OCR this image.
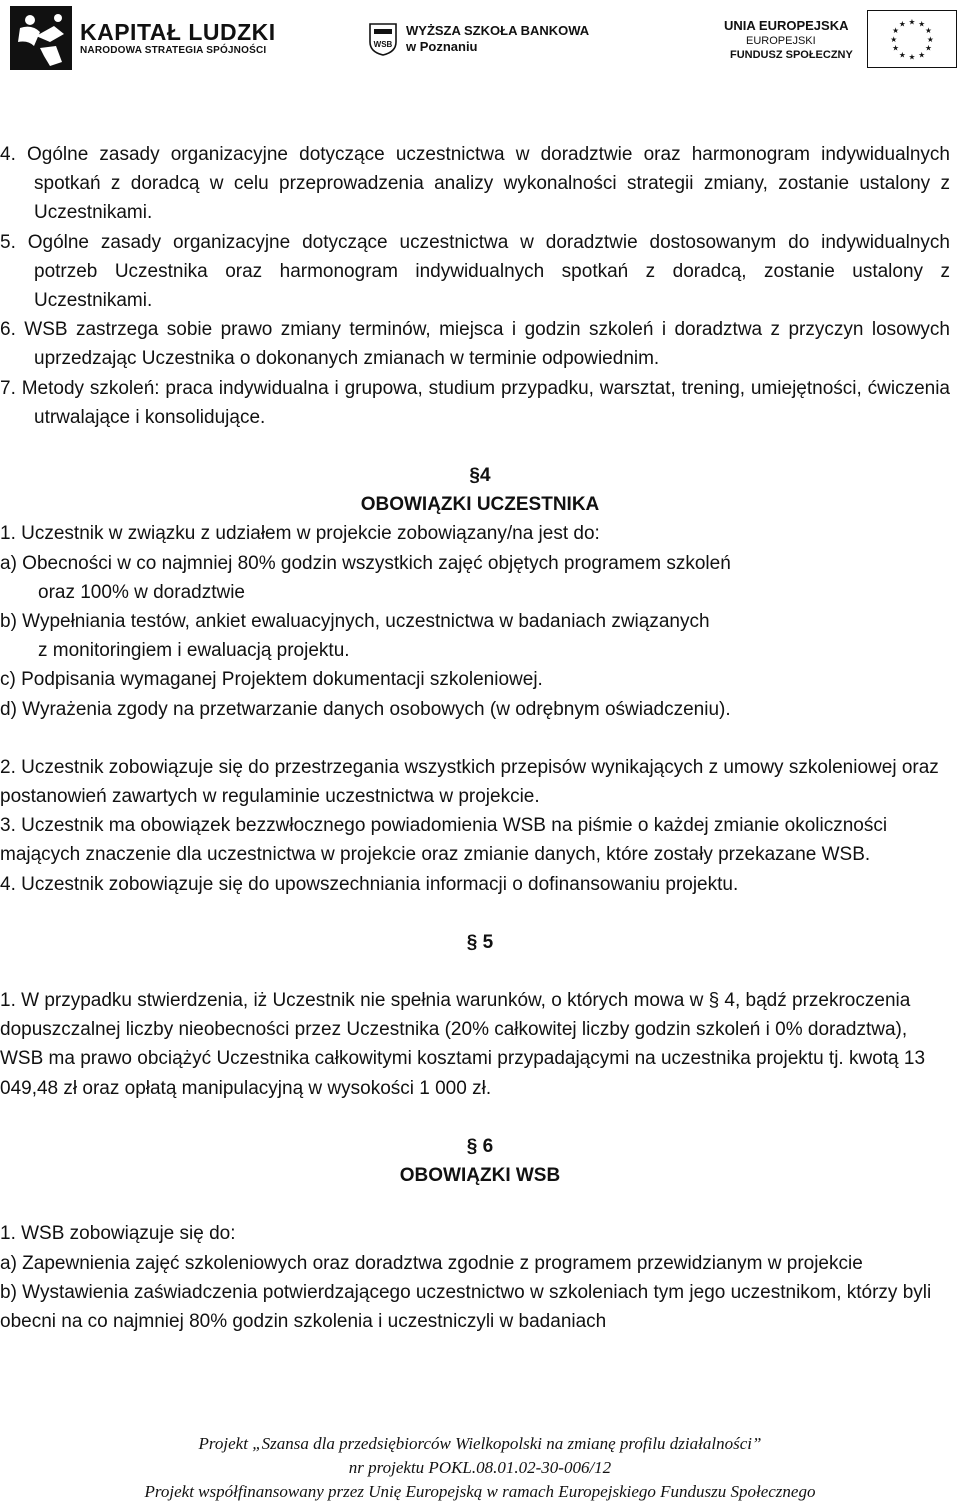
KAPITAŁ LUDZKI
NARODOWA STRATEGIA SPÓJNOŚCI
WSB
WYŻSZA SZKOŁA BANKOWA
w Poznaniu
UNIA EUROPEJSKA
EUROPEJSKI
FUNDUSZ SPOŁECZNY
★ ★
★
★
★
★
★
★
★
★
★
★

4. Ogólne zasady organizacyjne dotyczące uczestnictwa w doradztwie oraz harmonogram indywidualnych spotkań z doradcą w celu przeprowadzenia analizy wykonalności strategii zmiany, zostanie ustalony z Uczestnikami.

5. Ogólne zasady organizacyjne dotyczące uczestnictwa w doradztwie dostosowanym do indywidualnych potrzeb Uczestnika oraz harmonogram indywidualnych spotkań z doradcą, zostanie ustalony z Uczestnikami.

6. WSB zastrzega sobie prawo zmiany terminów, miejsca i godzin szkoleń i doradztwa z przyczyn losowych uprzedzając Uczestnika o dokonanych zmianach w terminie odpowiednim.

7. Metody szkoleń: praca indywidualna i grupowa, studium przypadku, warsztat, trening, umiejętności, ćwiczenia utrwalające i konsolidujące.

§4

OBOWIĄZKI UCZESTNIKA

1. Uczestnik w związku z udziałem w projekcie zobowiązany/na jest do:

a) Obecności w co najmniej 80% godzin wszystkich zajęć objętych programem szkoleń

oraz 100% w doradztwie

b) Wypełniania testów, ankiet ewaluacyjnych, uczestnictwa w badaniach związanych

z monitoringiem i ewaluacją projektu.

c) Podpisania wymaganej Projektem dokumentacji szkoleniowej.

d) Wyrażenia zgody na przetwarzanie danych osobowych (w odrębnym oświadczeniu).

2. Uczestnik zobowiązuje się do przestrzegania wszystkich przepisów wynikających z umowy szkoleniowej oraz postanowień zawartych w regulaminie uczestnictwa w projekcie.

3. Uczestnik ma obowiązek bezzwłocznego powiadomienia WSB na piśmie o każdej zmianie okoliczności mających znaczenie dla uczestnictwa w projekcie oraz zmianie danych, które zostały przekazane WSB.

4. Uczestnik zobowiązuje się do upowszechniania informacji o dofinansowaniu projektu.

§ 5

1. W przypadku stwierdzenia, iż Uczestnik nie spełnia warunków, o których mowa w § 4, bądź przekroczenia dopuszczalnej liczby nieobecności przez Uczestnika (20% całkowitej liczby godzin szkoleń i 0% doradztwa), WSB ma prawo obciążyć Uczestnika całkowitymi kosztami przypadającymi na uczestnika projektu tj. kwotą 13 049,48 zł oraz opłatą manipulacyjną w wysokości 1 000 zł.

§ 6

OBOWIĄZKI WSB

1. WSB zobowiązuje się do:

a) Zapewnienia zajęć szkoleniowych oraz doradztwa zgodnie z programem przewidzianym w projekcie

b) Wystawienia zaświadczenia potwierdzającego uczestnictwo w szkoleniach tym jego uczestnikom, którzy byli obecni na co najmniej 80% godzin szkolenia i uczestniczyli w badaniach

Projekt „Szansa dla przedsiębiorców Wielkopolski na zmianę profilu działalności”
nr projektu POKL.08.01.02-30-006/12
Projekt współfinansowany przez Unię Europejską w ramach Europejskiego Funduszu Społecznego
